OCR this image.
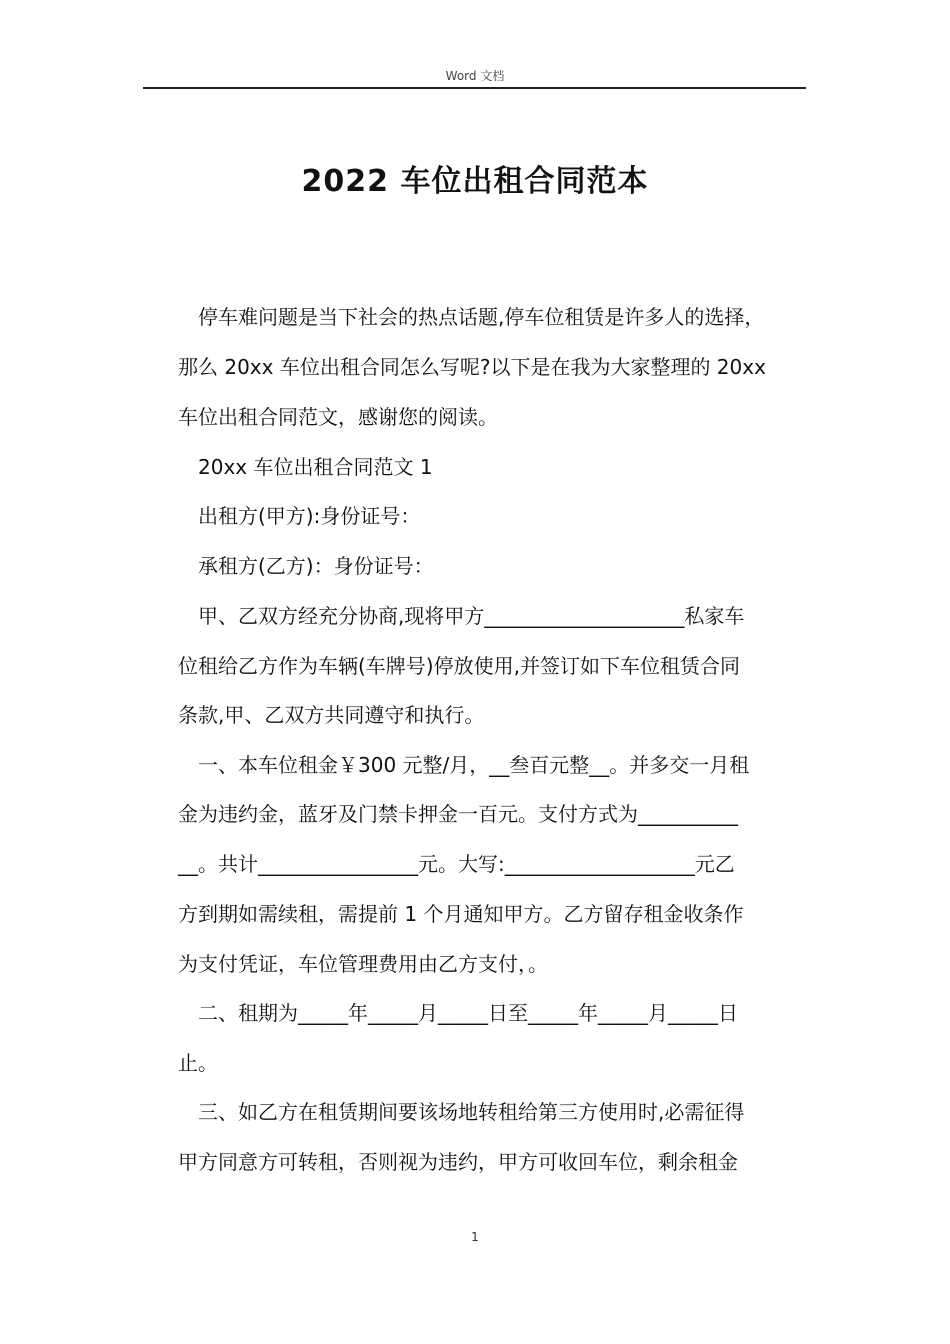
Word 文档
2022 车位出租合同范本
　停车难问题是当下社会的热点话题,停车位租赁是许多人的选择，
那么 20xx 车位出租合同怎么写呢?以下是在我为大家整理的 20xx
车位出租合同范文，感谢您的阅读。
　20xx 车位出租合同范文 1
　出租方(甲方):身份证号：
　承租方(乙方)：身份证号：
　甲、乙双方经充分协商,现将甲方____________________私家车
位租给乙方作为车辆(车牌号)停放使用,并签订如下车位租赁合同
条款,甲、乙双方共同遵守和执行。
　一、本车位租金￥300 元整/月，__叁百元整__。并多交一月租
金为违约金，蓝牙及门禁卡押金一百元。支付方式为__________
__。共计________________元。大写:___________________元乙
方到期如需续租，需提前 1 个月通知甲方。乙方留存租金收条作
为支付凭证，车位管理费用由乙方支付，。
　二、租期为_____年_____月_____日至_____年_____月_____日
止。
　三、如乙方在租赁期间要该场地转租给第三方使用时,必需征得
甲方同意方可转租，否则视为违约，甲方可收回车位，剩余租金
1
